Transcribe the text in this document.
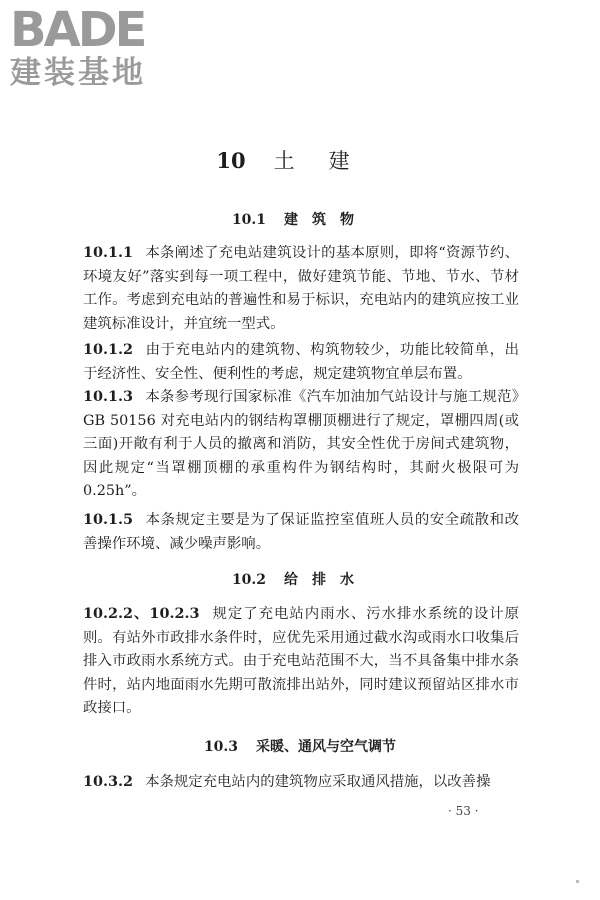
BADE
建装基地
10 土建
10.1 建筑物

10.1.1 本条阐述了充电站建筑设计的基本原则，即将“资源节约、环境友好”落实到每一项工程中，做好建筑节能、节地、节水、节材工作。考虑到充电站的普遍性和易于标识，充电站内的建筑应按工业建筑标准设计，并宜统一型式。

10.1.2 由于充电站内的建筑物、构筑物较少，功能比较简单，出于经济性、安全性、便利性的考虑，规定建筑物宜单层布置。

10.1.3 本条参考现行国家标准《汽车加油加气站设计与施工规范》GB 50156 对充电站内的钢结构罩棚顶棚进行了规定，罩棚四周(或三面)开敞有利于人员的撤离和消防，其安全性优于房间式建筑物，因此规定“当罩棚顶棚的承重构件为钢结构时，其耐火极限可为 0.25h”。

10.1.5 本条规定主要是为了保证监控室值班人员的安全疏散和改善操作环境、减少噪声影响。

10.2 给排水

10.2.2、10.2.3 规定了充电站内雨水、污水排水系统的设计原则。有站外市政排水条件时，应优先采用通过截水沟或雨水口收集后排入市政雨水系统方式。由于充电站范围不大，当不具备集中排水条件时，站内地面雨水先期可散流排出站外，同时建议预留站区排水市政接口。

10.3 采暖、通风与空气调节

10.3.2 本条规定充电站内的建筑物应采取通风措施，以改善操

· 53 ·
